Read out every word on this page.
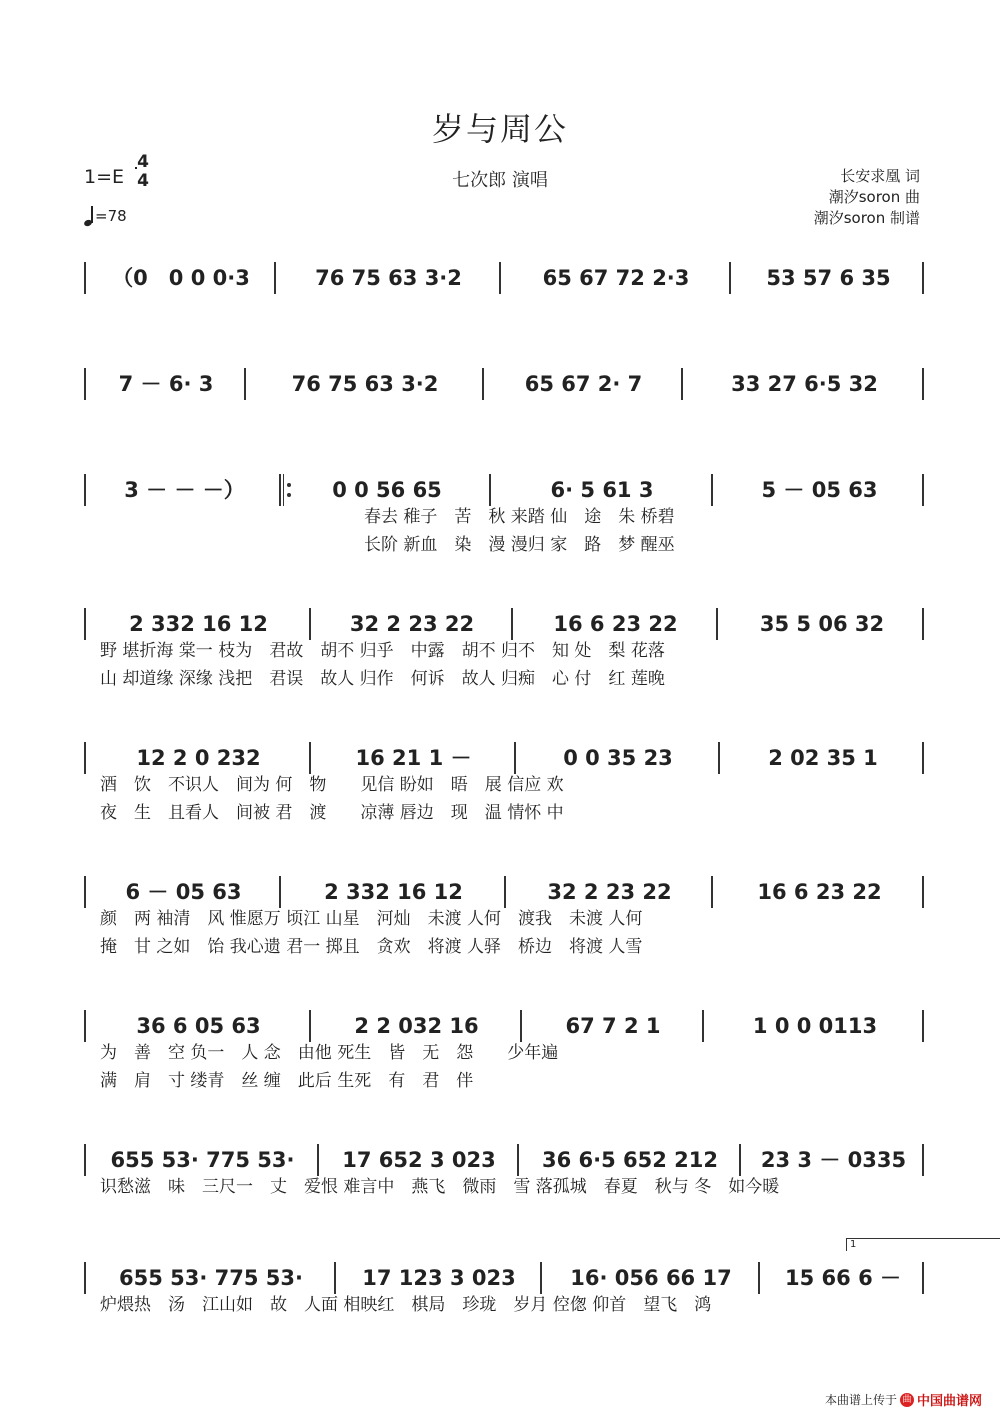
岁与周公
1=E
4
4
=78
七次郎 演唱	长安求凰 词
潮汐soron 曲
潮汐soron 制谱
（0　0 0 0·3	76 75 63 3·2	65 67 72 2·3	53 57 6 35
7 － 6· 3	76 75 63 3·2	65 67 2· 7	33 27 6·5 32
3 － － －）	0 0 56 65	6· 5 61 3	5 － 05 63
春去 稚子　苦　秋 来踏 仙　途　朱 桥碧
长阶 新血　染　漫 漫归 家　路　梦 醒巫
2 332 16 12	32 2 23 22	16 6 23 22	35 5 06 32
野 堪折海 棠一 枝为　君故　胡不 归乎　中露　胡不 归不　知 处　梨 花落
山 却道缘 深缘 浅把　君误　故人 归作　何诉　故人 归痴　心 付　红 莲晚
12 2 0 232	16 21 1 －	0 0 35 23	2 02 35 1
酒　饮　不识人　间为 何　物　　见信 盼如　晤　展 信应 欢
夜　生　且看人　间被 君　渡　　凉薄 唇边　现　温 情怀 中
6 － 05 63	2 332 16 12	32 2 23 22	16 6 23 22
颜　两 袖清　风 惟愿万 顷江 山星　河灿　未渡 人何　渡我　未渡 人何
掩　甘 之如　饴 我心遗 君一 掷且　贪欢　将渡 人驿　桥边　将渡 人雪
36 6 05 63	2 2 032 16	67 7 2 1	1 0 0 0113
为　善　空 负一　人 念　由他 死生　皆　无　怨　　少年遍
满　肩　寸 缕青　丝 缠　此后 生死　有　君　伴
655 53· 775 53·	17 652 3 023	36 6·5 652 212	23 3 － 0335
识愁滋　味　三尺一　丈　爱恨 难言中　燕飞　微雨　雪 落孤城　春夏　秋与 冬　如今暖
655 53· 775 53·	17 123 3 023	16· 056 66 17	15 66 6 －
1
炉煨热　汤　江山如　故　人面 相映红　棋局　珍珑　岁月 倥偬 仰首　望飞　鸿
本曲谱上传于 曲 中国曲谱网
